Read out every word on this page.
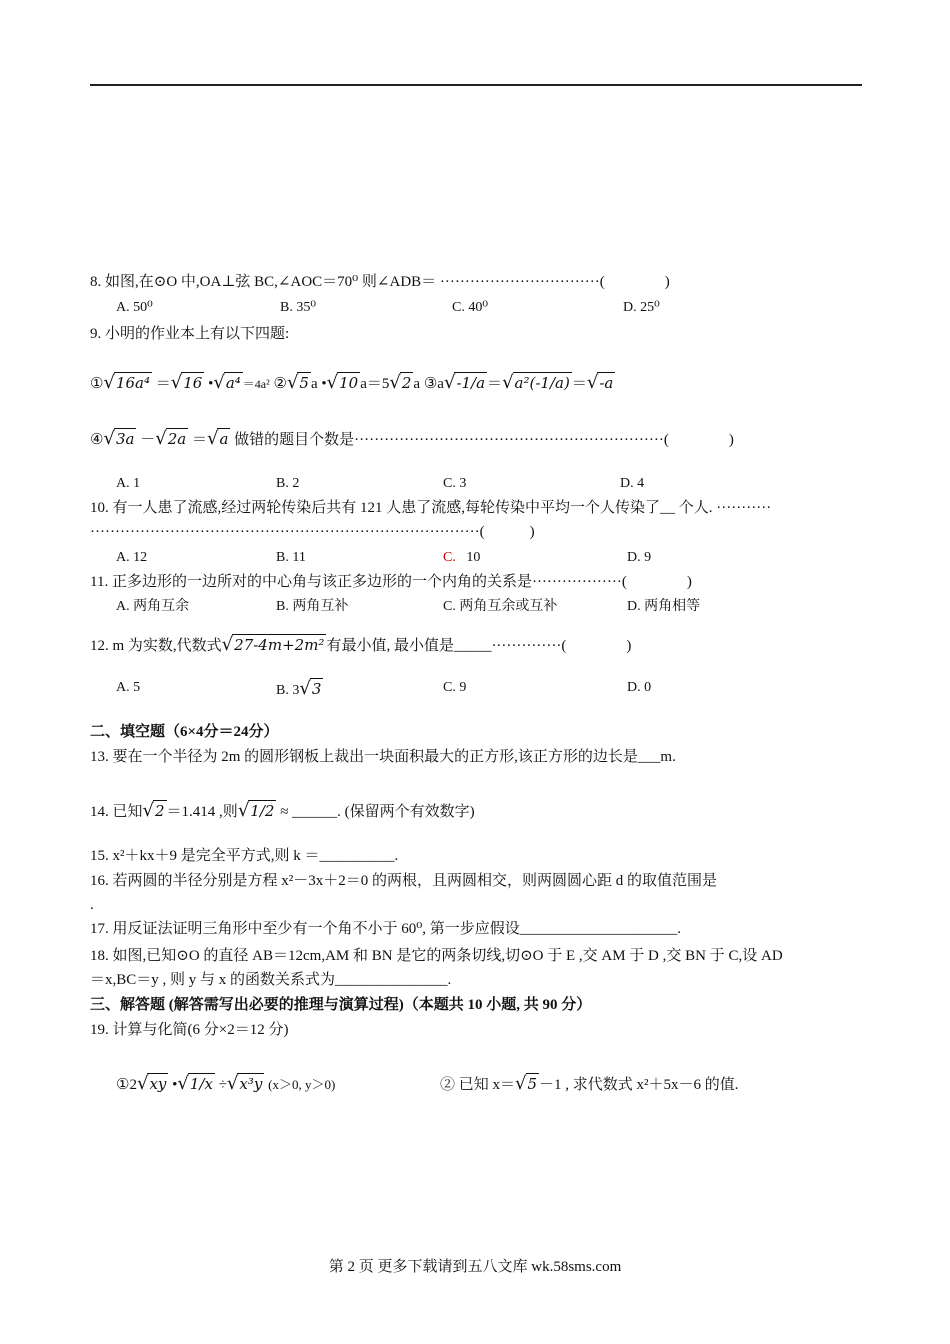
8. 如图,在⊙O 中,OA⊥弦 BC,∠AOC＝70⁰ 则∠ADB＝ ································(　　　　)
A. 50⁰	B. 35⁰	C. 40⁰	D. 25⁰
9. 小明的作业本上有以下四题:
①√16a⁴ ＝√16 •√a⁴ ＝4a² ②√5 a •√10 a＝5√2 a ③a√-1/a ＝√a²(-1/a) ＝√-a
④√3a －√2a ＝√a 做错的题目个数是······························································(　　　　)
A. 1	B. 2	C. 3	D. 4
10. 有一人患了流感,经过两轮传染后共有 121 人患了流感,每轮传染中平均一个人传染了__ 个人. ···········
··············································································(　　　)
A. 12	B. 11	C. 10	D. 9
11. 正多边形的一边所对的中心角与该正多边形的一个内角的关系是··················(　　　　)
A. 两角互余	B. 两角互补	C. 两角互余或互补	D. 两角相等
12. m 为实数,代数式√27-4m+2m² 有最小值, 最小值是_____··············(　　　　)
A. 5	B. 3√3	C. 9	D. 0
二、填空题（6×4分＝24分）
13. 要在一个半径为 2m 的圆形钢板上裁出一块面积最大的正方形,该正方形的边长是___m.
14. 已知√2 ＝1.414 ,则√1/2 ≈ ______. (保留两个有效数字)
15. x²＋kx＋9 是完全平方式,则 k ＝__________.
16. 若两圆的半径分别是方程 x²－3x＋2＝0 的两根，且两圆相交，则两圆圆心距 d 的取值范围是
.
17. 用反证法证明三角形中至少有一个角不小于 60⁰, 第一步应假设_____________________.
18. 如图,已知⊙O 的直径 AB＝12cm,AM 和 BN 是它的两条切线,切⊙O 于 E ,交 AM 于 D ,交 BN 于 C,设 AD
＝x,BC＝y , 则 y 与 x 的函数关系式为_______________.
三、解答题 (解答需写出必要的推理与演算过程)（本题共 10 小题, 共 90 分）
19. 计算与化简(6 分×2＝12 分)
①2√xy •√1/x ÷√x³y (x＞0, y＞0)	② 已知 x＝√5 －1 , 求代数式 x²＋5x－6 的值.
第 2 页 更多下载请到五八文库 wk.58sms.com
